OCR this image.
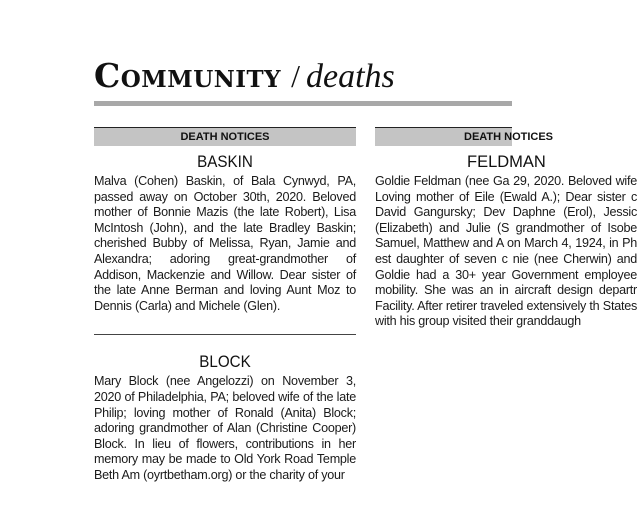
Community / deaths
DEATH NOTICES	DEATH NOTICES
BASKIN

Malva (Cohen) Baskin, of Bala Cynwyd, PA, passed away on October 30th, 2020. Beloved mother of Bonnie Mazis (the late Robert), Lisa McIntosh (John), and the late Bradley Baskin; cherished Bubby of Melissa, Ryan, Jamie and Alexandra; adoring great-grandmother of Addison, Mackenzie and Willow. Dear sister of the late Anne Berman and loving Aunt Moz to Dennis (Carla) and Michele (Glen).

BLOCK

Mary Block (nee Angelozzi) on November 3, 2020 of Philadelphia, PA; beloved wife of the late Philip; loving mother of Ronald (Anita) Block; adoring grandmother of Alan (Christine Cooper) Block. In lieu of flowers, contributions in her memory may be made to Old York Road Temple Beth Am (oyrtbetham.org) or the charity of your

FELDMAN

Goldie Feldman (nee Ga 29, 2020. Beloved wife Loving mother of Eile (Ewald A.); Dear sister c David Gangursky; Dev Daphne (Erol), Jessic (Elizabeth) and Julie (S grandmother of Isobe Samuel, Matthew and A on March 4, 1924, in Ph est daughter of seven c nie (nee Cherwin) and Goldie had a 30+ year Government employee mobility. She was an in aircraft design departr Facility. After retirer traveled extensively th States with his group visited their granddaugh
